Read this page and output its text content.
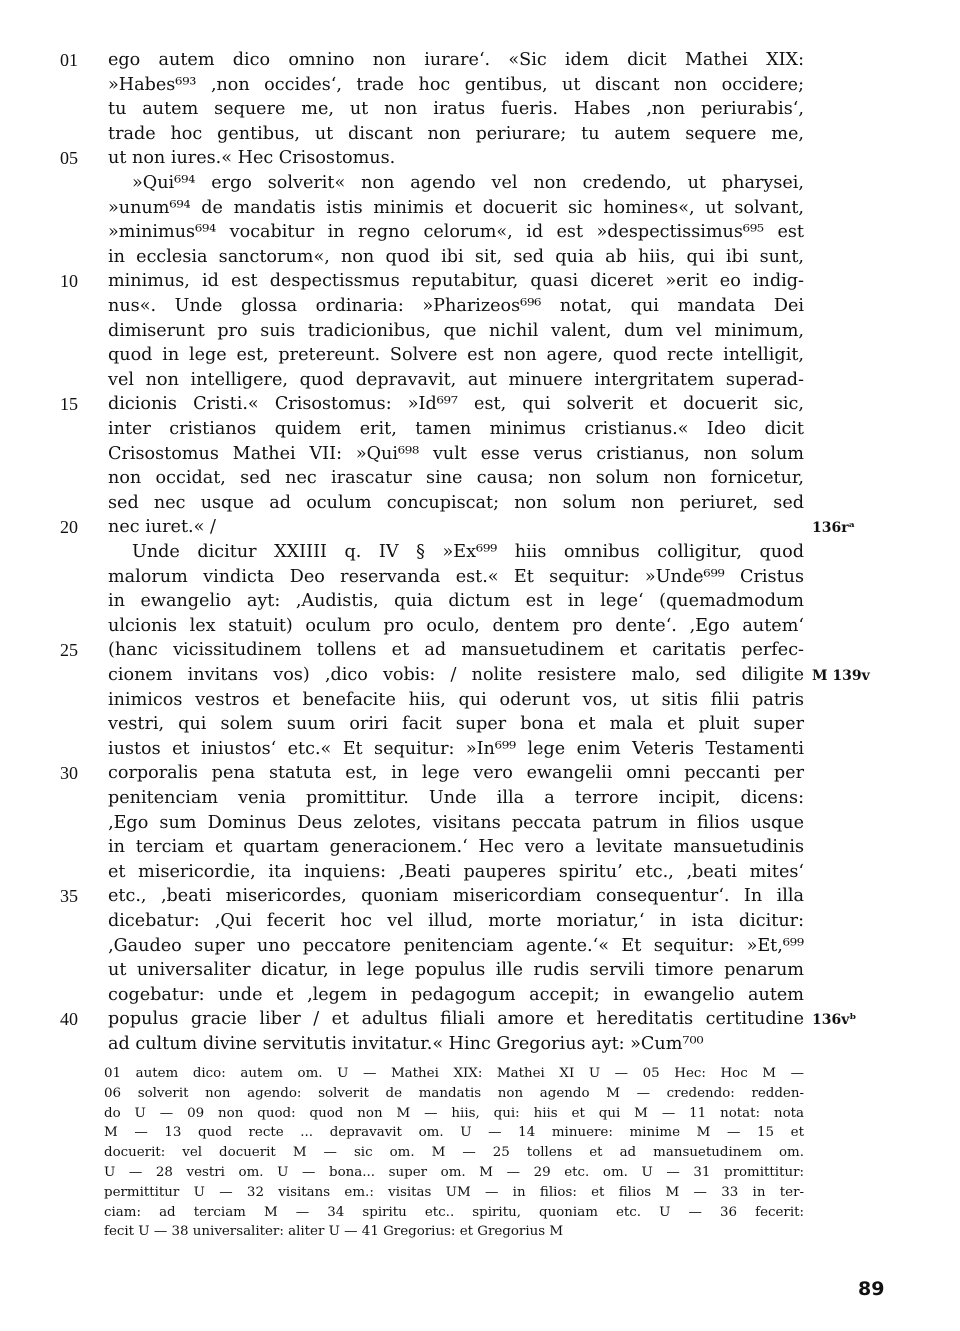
01	ego autem dico omnino non iurare‘. «Sic idem dicit Mathei XIX:
»Habes⁶⁹³ ‚non occides‘, trade hoc gentibus, ut discant non occidere;
tu autem sequere me, ut non iratus fueris. Habes ‚non periurabis‘,
trade hoc gentibus, ut discant non periurare; tu autem sequere me,
05	ut non iures.« Hec Crisostomus.
»Qui⁶⁹⁴ ergo solverit« non agendo vel non credendo, ut pharysei,
»unum⁶⁹⁴ de mandatis istis minimis et docuerit sic homines«, ut solvant,
»minimus⁶⁹⁴ vocabitur in regno celorum«, id est »despectissimus⁶⁹⁵ est
in ecclesia sanctorum«, non quod ibi sit, sed quia ab hiis, qui ibi sunt,
10	minimus, id est despectissmus reputabitur, quasi diceret »erit eo indig-
nus«. Unde glossa ordinaria: »Pharizeos⁶⁹⁶ notat, qui mandata Dei
dimiserunt pro suis tradicionibus, que nichil valent, dum vel minimum,
quod in lege est, pretereunt. Solvere est non agere, quod recte intelligit,
vel non intelligere, quod depravavit, aut minuere intergritatem superad-
15	dicionis Cristi.« Crisostomus: »Id⁶⁹⁷ est, qui solverit et docuerit sic,
inter cristianos quidem erit, tamen minimus cristianus.« Ideo dicit
Crisostomus Mathei VII: »Qui⁶⁹⁸ vult esse verus cristianus, non solum
non occidat, sed nec irascatur sine causa; non solum non fornicetur,
sed nec usque ad oculum concupiscat; non solum non periuret, sed
20	nec iuret.« /	136rᵃ
Unde dicitur XXIIII q. IV § »Ex⁶⁹⁹ hiis omnibus colligitur, quod
malorum vindicta Deo reservanda est.« Et sequitur: »Unde⁶⁹⁹ Cristus
in ewangelio ayt: ‚Audistis, quia dictum est in lege‘ (quemadmodum
ulcionis lex statuit) oculum pro oculo, dentem pro dente‘. ‚Ego autem‘
25	(hanc vicissitudinem tollens et ad mansuetudinem et caritatis perfec-
cionem invitans vos) ‚dico vobis: / nolite resistere malo, sed diligite M 139v
inimicos vestros et benefacite hiis, qui oderunt vos, ut sitis filii patris
vestri, qui solem suum oriri facit super bona et mala et pluit super
iustos et iniustos‘ etc.« Et sequitur: »In⁶⁹⁹ lege enim Veteris Testamenti
30	corporalis pena statuta est, in lege vero ewangelii omni peccanti per
penitenciam venia promittitur. Unde illa a terrore incipit, dicens:
‚Ego sum Dominus Deus zelotes, visitans peccata patrum in filios usque
in terciam et quartam generacionem.‘ Hec vero a levitate mansuetudinis
et misericordie, ita inquiens: ‚Beati pauperes spiritu’ etc., ‚beati mites‘
35	etc., ‚beati misericordes, quoniam misericordiam consequentur‘. In illa
dicebatur: ‚Qui fecerit hoc vel illud, morte moriatur,‘ in ista dicitur:
‚Gaudeo super uno peccatore penitenciam agente.‘« Et sequitur: »Et,⁶⁹⁹
ut universaliter dicatur, in lege populus ille rudis servili timore penarum
cogebatur: unde et ‚legem in pedagogum accepit; in ewangelio autem
40	populus gracie liber / et adultus filiali amore et hereditatis certitudine 136vᵇ
ad cultum divine servitutis invitatur.« Hinc Gregorius ayt: »Cum⁷⁰⁰
01 autem dico: autem om. U — Mathei XIX: Mathei XI U — 05 Hec: Hoc M —
06 solverit non agendo: solverit de mandatis non agendo M — credendo: redden-
do U — 09 non quod: quod non M — hiis, qui: hiis et qui M — 11 notat: nota
M — 13 quod recte ... depravavit om. U — 14 minuere: minime M — 15 et
docuerit: vel docuerit M — sic om. M — 25 tollens et ad mansuetudinem om.
U — 28 vestri om. U — bona... super om. M — 29 etc. om. U — 31 promittitur:
permittitur U — 32 visitans em.: visitas UM — in filios: et filios M — 33 in ter-
ciam: ad terciam M — 34 spiritu etc.. spiritu, quoniam etc. U — 36 fecerit:
fecit U — 38 universaliter: aliter U — 41 Gregorius: et Gregorius M
89
